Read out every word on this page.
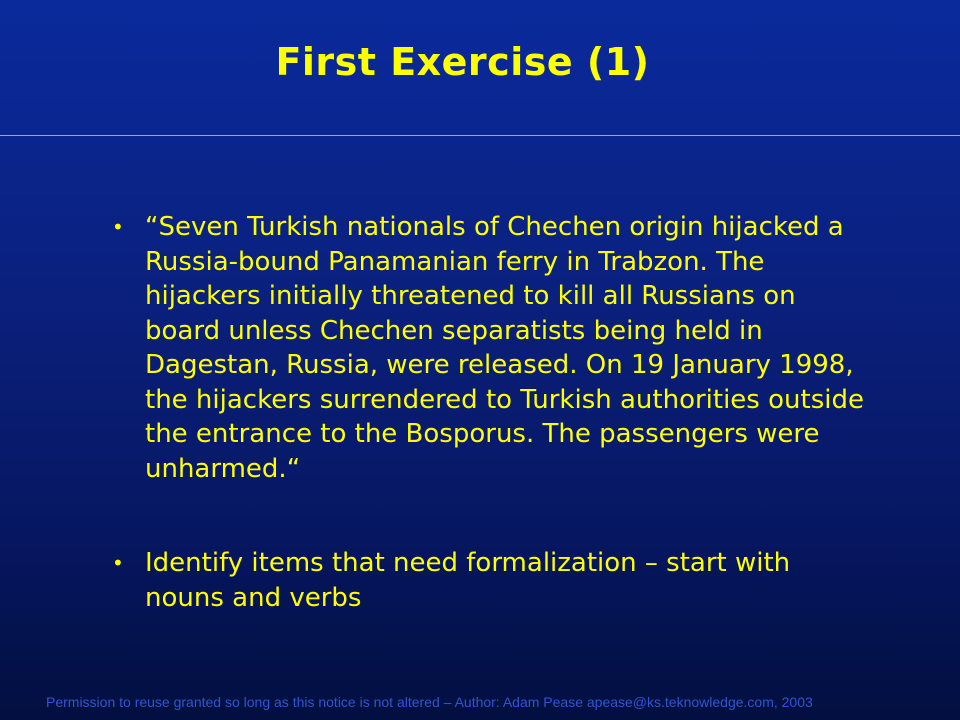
First Exercise (1)
• “Seven Turkish nationals of Chechen origin hijacked a Russia-bound Panamanian ferry in Trabzon. The hijackers initially threatened to kill all Russians on board unless Chechen separatists being held in Dagestan, Russia, were released. On 19 January 1998, the hijackers surrendered to Turkish authorities outside the entrance to the Bosporus. The passengers were unharmed.“
• Identify items that need formalization – start with nouns and verbs

Permission to reuse granted so long as this notice is not altered – Author: Adam Pease apease@ks.teknowledge.com, 2003
